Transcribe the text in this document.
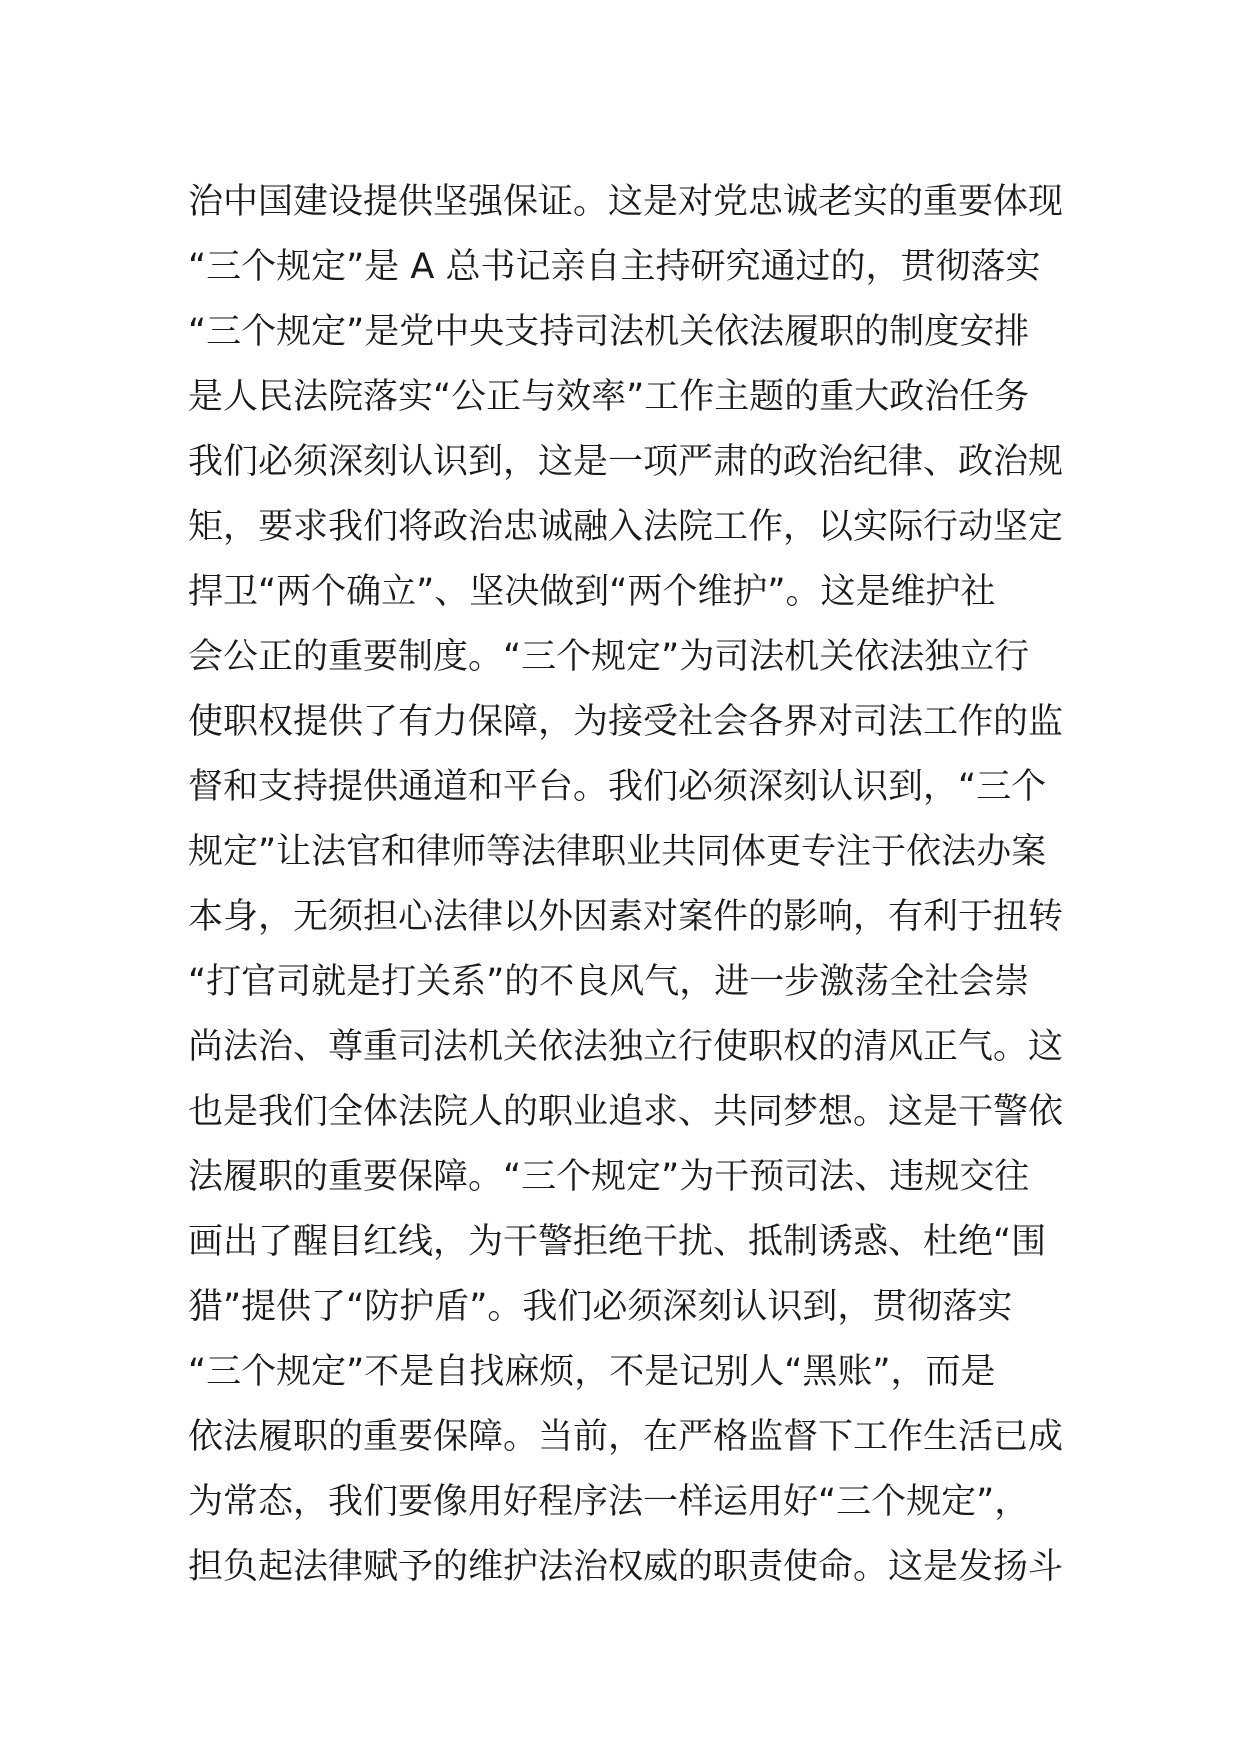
治中国建设提供坚强保证。这是对党忠诚老实的重要体现
“三个规定”是 A 总书记亲自主持研究通过的，贯彻落实
“三个规定”是党中央支持司法机关依法履职的制度安排
是人民法院落实“公正与效率”工作主题的重大政治任务
我们必须深刻认识到，这是一项严肃的政治纪律、政治规
矩，要求我们将政治忠诚融入法院工作，以实际行动坚定
捍卫“两个确立”、坚决做到“两个维护”。这是维护社
会公正的重要制度。“三个规定”为司法机关依法独立行
使职权提供了有力保障，为接受社会各界对司法工作的监
督和支持提供通道和平台。我们必须深刻认识到，“三个
规定”让法官和律师等法律职业共同体更专注于依法办案
本身，无须担心法律以外因素对案件的影响，有利于扭转
“打官司就是打关系”的不良风气，进一步激荡全社会崇
尚法治、尊重司法机关依法独立行使职权的清风正气。这
也是我们全体法院人的职业追求、共同梦想。这是干警依
法履职的重要保障。“三个规定”为干预司法、违规交往
画出了醒目红线，为干警拒绝干扰、抵制诱惑、杜绝“围
猎”提供了“防护盾”。我们必须深刻认识到，贯彻落实
“三个规定”不是自找麻烦，不是记别人“黑账”，而是
依法履职的重要保障。当前，在严格监督下工作生活已成
为常态，我们要像用好程序法一样运用好“三个规定”，
担负起法律赋予的维护法治权威的职责使命。这是发扬斗
